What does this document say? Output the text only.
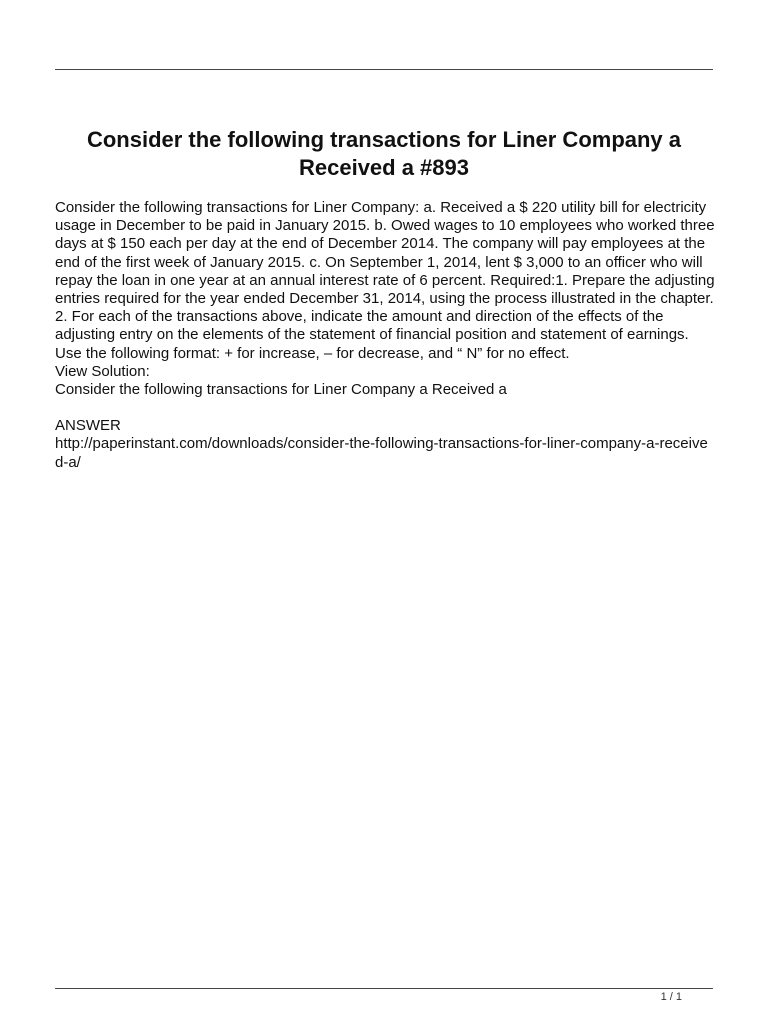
Consider the following transactions for Liner Company a Received a #893

Consider the following transactions for Liner Company: a. Received a $ 220 utility bill for electricity usage in December to be paid in January 2015. b. Owed wages to 10 employees who worked three days at $ 150 each per day at the end of December 2014. The company will pay employees at the end of the first week of January 2015. c. On September 1, 2014, lent $ 3,000 to an officer who will repay the loan in one year at an annual interest rate of 6 percent. Required:1. Prepare the adjusting entries required for the year ended December 31, 2014, using the process illustrated in the chapter. 2. For each of the transactions above, indicate the amount and direction of the effects of the adjusting entry on the elements of the statement of financial position and statement of earnings. Use the following format: + for increase, – for decrease, and “ N” for no effect.

View Solution:

Consider the following transactions for Liner Company a Received a

ANSWER

http://paperinstant.com/downloads/consider-the-following-transactions-for-liner-company-a-received-a/

1 / 1
